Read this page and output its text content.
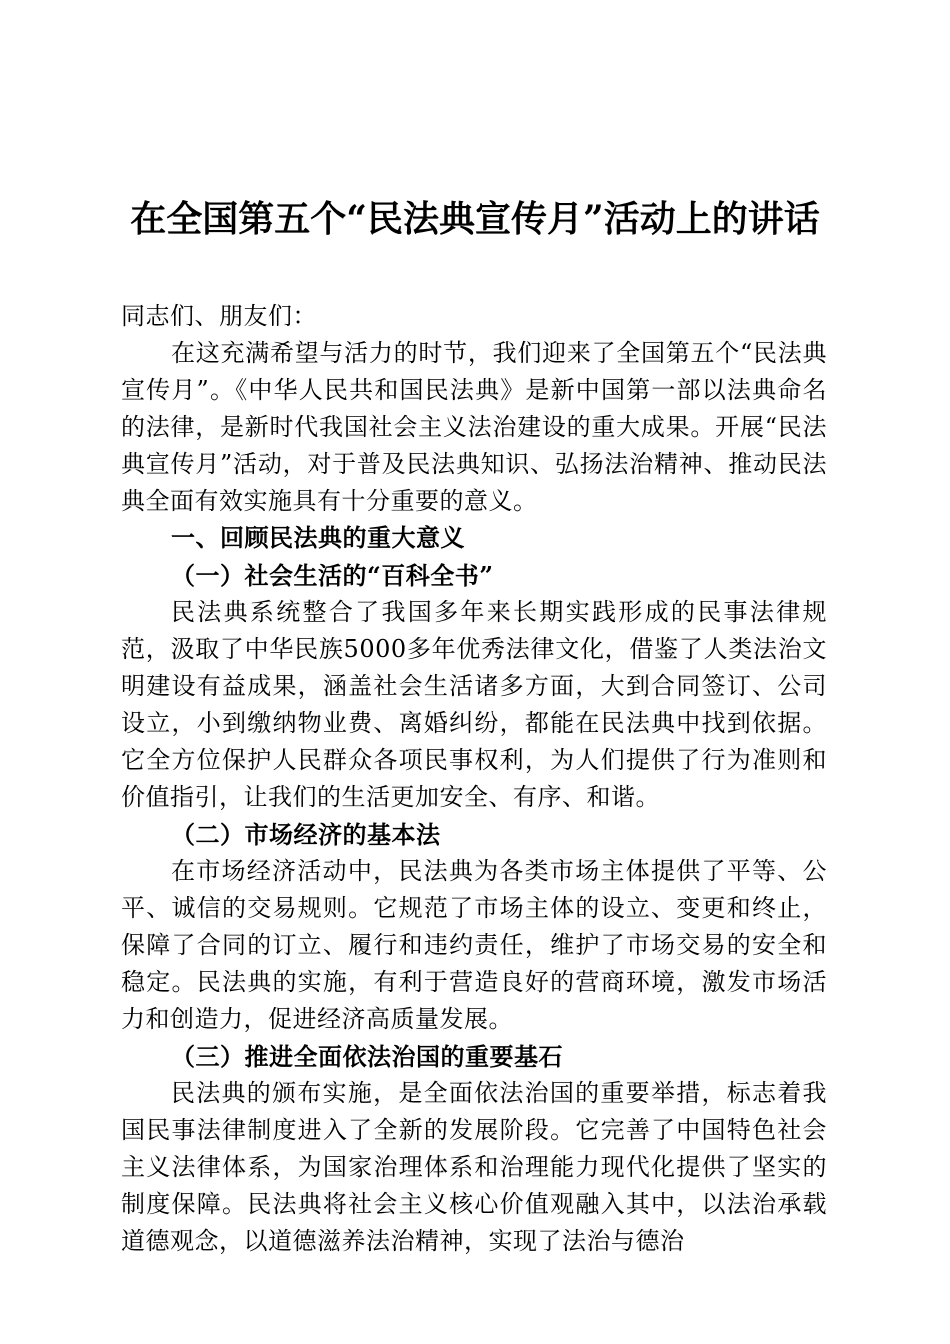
在全国第五个“民法典宣传月”活动上的讲话

同志们、朋友们：

在这充满希望与活力的时节，我们迎来了全国第五个“民法典宣传月”。《中华人民共和国民法典》是新中国第一部以法典命名的法律，是新时代我国社会主义法治建设的重大成果。开展“民法典宣传月”活动，对于普及民法典知识、弘扬法治精神、推动民法典全面有效实施具有十分重要的意义。

一、回顾民法典的重大意义

（一）社会生活的“百科全书”

民法典系统整合了我国多年来长期实践形成的民事法律规范，汲取了中华民族5000多年优秀法律文化，借鉴了人类法治文明建设有益成果，涵盖社会生活诸多方面，大到合同签订、公司设立，小到缴纳物业费、离婚纠纷，都能在民法典中找到依据。它全方位保护人民群众各项民事权利，为人们提供了行为准则和价值指引，让我们的生活更加安全、有序、和谐。

（二）市场经济的基本法

在市场经济活动中，民法典为各类市场主体提供了平等、公平、诚信的交易规则。它规范了市场主体的设立、变更和终止，保障了合同的订立、履行和违约责任，维护了市场交易的安全和稳定。民法典的实施，有利于营造良好的营商环境，激发市场活力和创造力，促进经济高质量发展。

（三）推进全面依法治国的重要基石

民法典的颁布实施，是全面依法治国的重要举措，标志着我国民事法律制度进入了全新的发展阶段。它完善了中国特色社会主义法律体系，为国家治理体系和治理能力现代化提供了坚实的制度保障。民法典将社会主义核心价值观融入其中，以法治承载道德观念，以道德滋养法治精神，实现了法治与德治
